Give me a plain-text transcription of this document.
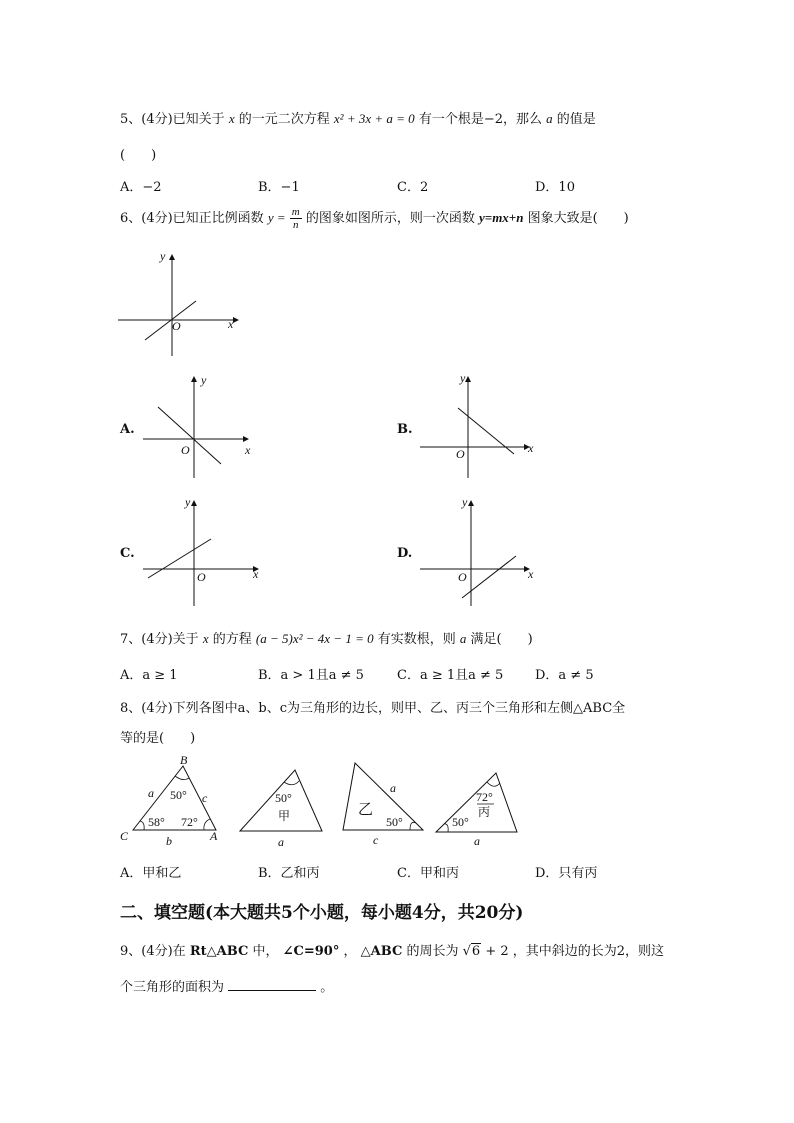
5、(4分)已知关于 x 的一元二次方程 x² + 3x + a = 0 有一个根是−2，那么 a 的值是
(　　)
A．−2	B．−1	C．2	D．10
6、(4分)已知正比例函数 $y = \frac{m}{n}$ 的图象如图所示，则一次函数 y=mx+n 图象大致是(　　)
y
x
O
A.
y
x
O
B.
y
x
O
C.
y
x
O
D.
y
x
O
7、(4分)关于 x 的方程 (a − 5)x² − 4x − 1 = 0 有实数根，则 a 满足(　　)
A．a ≥ 1	B．a > 1且a ≠ 5	C．a ≥ 1且a ≠ 5 D．a ≠ 5
8、(4分)下列各图中a、b、c为三角形的边长，则甲、乙、丙三个三角形和左侧△ABC全
等的是(　　)
B
C	A
a	c
b
50°
58° 72°
50°
甲
a
乙
a
50°
c
72°
丙
50°
a
A．甲和乙	B．乙和丙	C．甲和丙	D．只有丙
二、填空题(本大题共5个小题，每小题4分，共20分)
9、(4分)在 Rt△ABC 中， ∠C=90° ， △ABC 的周长为 √6 + 2 ，其中斜边的长为2，则这
个三角形的面积为	。
